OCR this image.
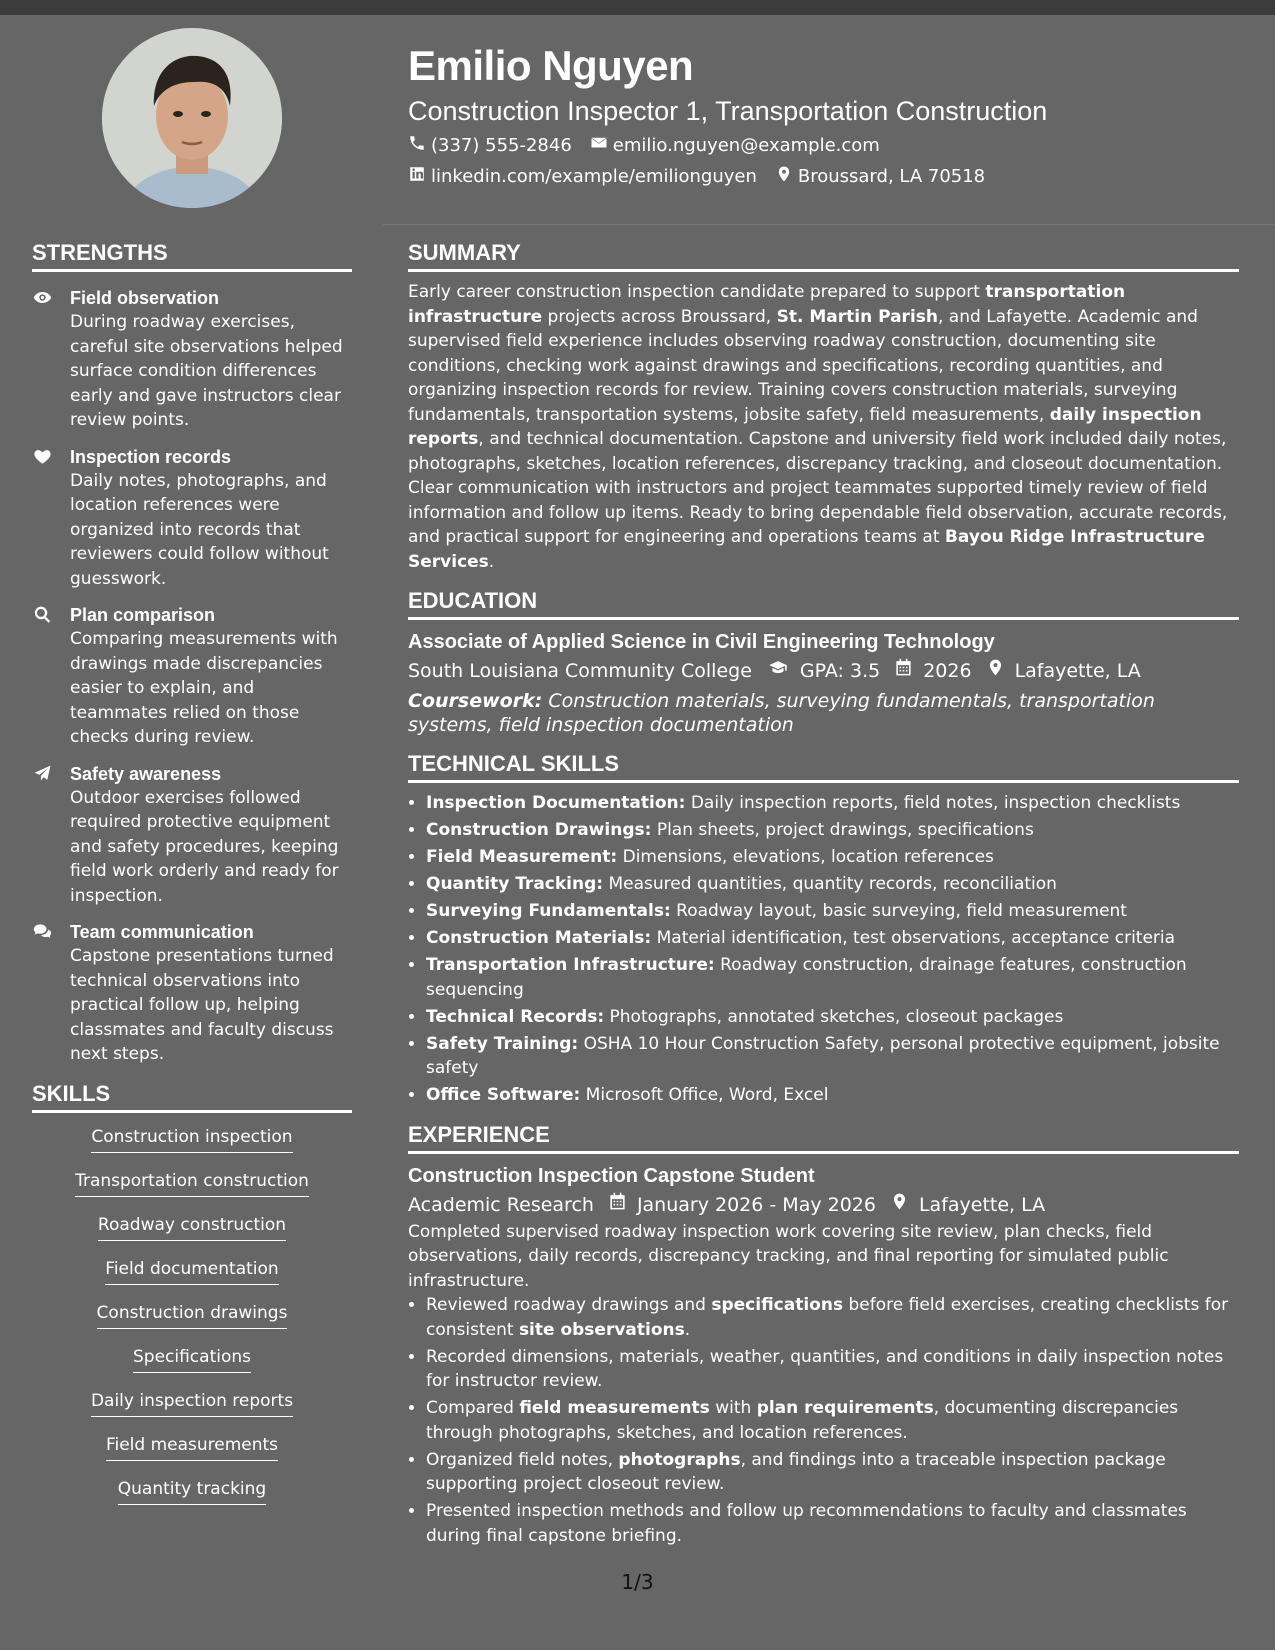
Emilio Nguyen
Construction Inspector 1, Transportation Construction
(337) 555-2846 emilio.nguyen@example.com
linkedin.com/example/emilionguyen Broussard, LA 70518
STRENGTHS
Field observation
During roadway exercises, careful site observations helped surface condition differences early and gave instructors clear review points.
Inspection records
Daily notes, photographs, and location references were organized into records that reviewers could follow without guesswork.
Plan comparison
Comparing measurements with drawings made discrepancies easier to explain, and teammates relied on those checks during review.
Safety awareness
Outdoor exercises followed required protective equipment and safety procedures, keeping field work orderly and ready for inspection.
Team communication
Capstone presentations turned technical observations into practical follow up, helping classmates and faculty discuss next steps.
SKILLS
Construction inspection
Transportation construction
Roadway construction
Field documentation
Construction drawings
Specifications
Daily inspection reports
Field measurements
Quantity tracking
SUMMARY

Early career construction inspection candidate prepared to support transportation infrastructure projects across Broussard, St. Martin Parish, and Lafayette. Academic and supervised field experience includes observing roadway construction, documenting site conditions, checking work against drawings and specifications, recording quantities, and organizing inspection records for review. Training covers construction materials, surveying fundamentals, transportation systems, jobsite safety, field measurements, daily inspection reports, and technical documentation. Capstone and university field work included daily notes, photographs, sketches, location references, discrepancy tracking, and closeout documentation. Clear communication with instructors and project teammates supported timely review of field information and follow up items. Ready to bring dependable field observation, accurate records, and practical support for engineering and operations teams at Bayou Ridge Infrastructure Services.

EDUCATION
Associate of Applied Science in Civil Engineering Technology
South Louisiana Community College	GPA: 3.5 2026 Lafayette, LA
Coursework: Construction materials, surveying fundamentals, transportation systems, field inspection documentation
TECHNICAL SKILLS
• Inspection Documentation: Daily inspection reports, field notes, inspection checklists
• Construction Drawings: Plan sheets, project drawings, specifications
• Field Measurement: Dimensions, elevations, location references
• Quantity Tracking: Measured quantities, quantity records, reconciliation
• Surveying Fundamentals: Roadway layout, basic surveying, field measurement
• Construction Materials: Material identification, test observations, acceptance criteria
• Transportation Infrastructure: Roadway construction, drainage features, construction sequencing
• Technical Records: Photographs, annotated sketches, closeout packages
• Safety Training: OSHA 10 Hour Construction Safety, personal protective equipment, jobsite safety
• Office Software: Microsoft Office, Word, Excel
EXPERIENCE
Construction Inspection Capstone Student
Academic Research January 2026 - May 2026 Lafayette, LA

Completed supervised roadway inspection work covering site review, plan checks, field observations, daily records, discrepancy tracking, and final reporting for simulated public infrastructure.

• Reviewed roadway drawings and specifications before field exercises, creating checklists for consistent site observations.
• Recorded dimensions, materials, weather, quantities, and conditions in daily inspection notes for instructor review.
• Compared field measurements with plan requirements, documenting discrepancies through photographs, sketches, and location references.
• Organized field notes, photographs, and findings into a traceable inspection package supporting project closeout review.
• Presented inspection methods and follow up recommendations to faculty and classmates during final capstone briefing.
1/3
